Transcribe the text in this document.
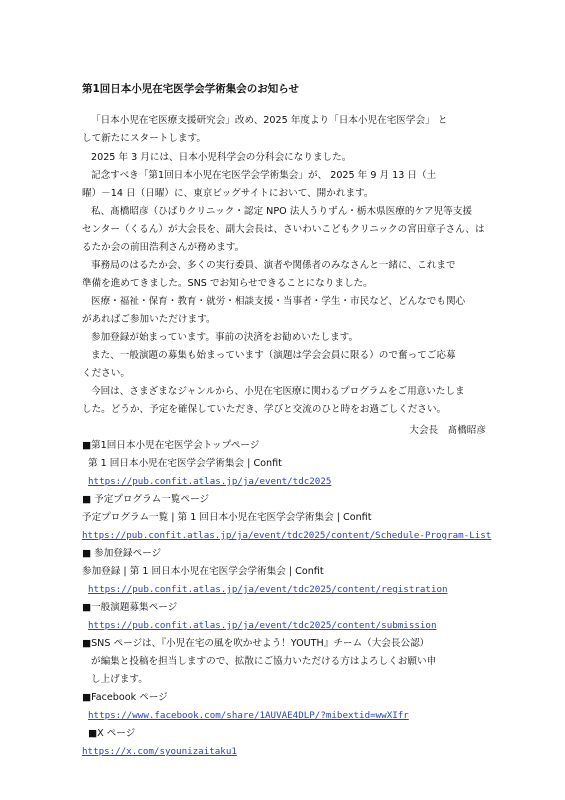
第1回日本小児在宅医学会学術集会のお知らせ
「日本小児在宅医療支援研究会」改め、2025 年度より「日本小児在宅医学会」 と
して新たにスタートします。
2025 年 3 月には、日本小児科学会の分科会になりました。
記念すべき「第1回日本小児在宅医学会学術集会」が、 2025 年 9 月 13 日（土
曜）－14 日（日曜）に、東京ビッグサイトにおいて、開かれます。
私、髙橋昭彦（ひばりクリニック・認定 NPO 法人うりずん・栃木県医療的ケア児等支援
センター（くるん）が大会長を、副大会長は、さいわいこどもクリニックの宮田章子さん、は
るたか会の前田浩利さんが務めます。
事務局のはるたか会、多くの実行委員、演者や関係者のみなさんと一緒に、これまで
準備を進めてきました。SNS でお知らせできることになりました。
医療・福祉・保育・教育・就労・相談支援・当事者・学生・市民など、どんなでも関心
があればご参加いただけます。
参加登録が始まっています。事前の決済をお勧めいたします。
また、一般演題の募集も始まっています（演題は学会会員に限る）ので奮ってご応募
ください。
今回は、さまざまなジャンルから、小児在宅医療に関わるプログラムをご用意いたしま
した。どうか、予定を確保していただき、学びと交流のひと時をお過ごしください。
大会長　髙橋昭彦
■第1回日本小児在宅医学会トップページ
第 1 回日本小児在宅医学会学術集会 | Confit
https://pub.confit.atlas.jp/ja/event/tdc2025
■ 予定プログラム一覧ページ
予定プログラム一覧 | 第 1 回日本小児在宅医学会学術集会 | Confit
https://pub.confit.atlas.jp/ja/event/tdc2025/content/Schedule-Program-List
■ 参加登録ページ
参加登録 | 第 1 回日本小児在宅医学会学術集会 | Confit
https://pub.confit.atlas.jp/ja/event/tdc2025/content/registration
■一般演題募集ページ
https://pub.confit.atlas.jp/ja/event/tdc2025/content/submission
■SNS ページは、『小児在宅の風を吹かせよう！YOUTH』チーム（大会長公認）
が編集と投稿を担当しますので、拡散にご協力いただける方はよろしくお願い申
し上げます。
■Facebook ページ
https://www.facebook.com/share/1AUVAE4DLP/?mibextid=wwXIfr
■X ページ
https://x.com/syounizaitaku1
